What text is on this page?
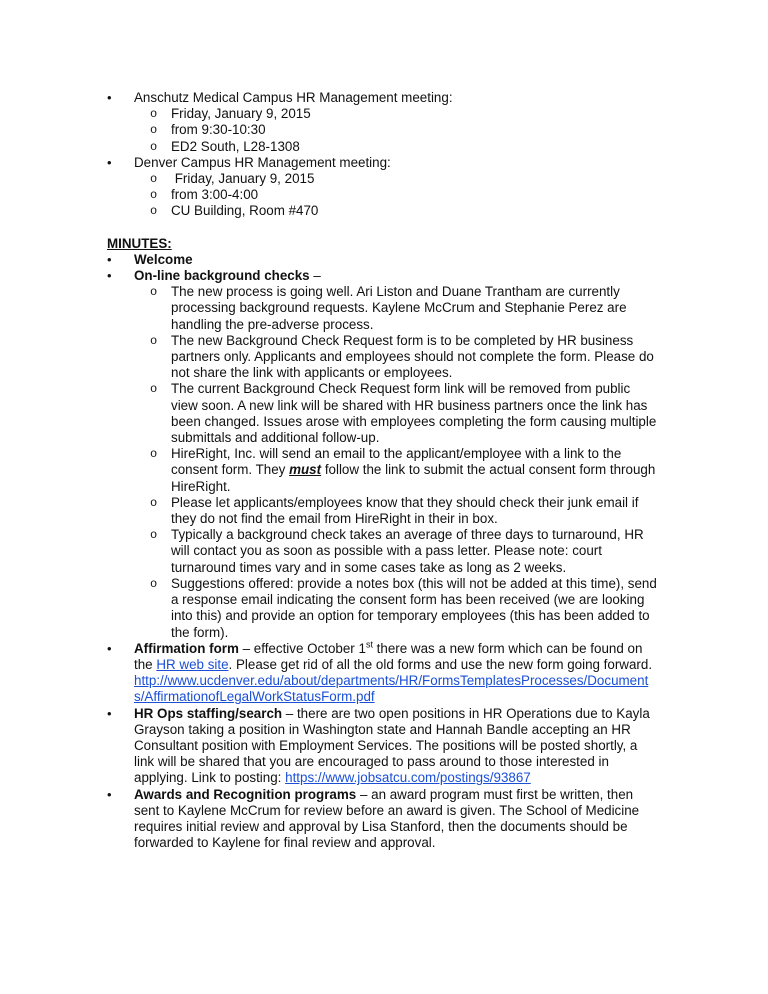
• Anschutz Medical Campus HR Management meeting:
o Friday, January 9, 2015
o from 9:30-10:30
o ED2 South, L28-1308
• Denver Campus HR Management meeting:
o  Friday, January 9, 2015
o from 3:00-4:00
o CU Building, Room #470

MINUTES:

• Welcome
• On-line background checks –
o The new process is going well. Ari Liston and Duane Trantham are currently processing background requests. Kaylene McCrum and Stephanie Perez are handling the pre-adverse process.
o The new Background Check Request form is to be completed by HR business partners only. Applicants and employees should not complete the form. Please do not share the link with applicants or employees.
o The current Background Check Request form link will be removed from public view soon. A new link will be shared with HR business partners once the link has been changed. Issues arose with employees completing the form causing multiple submittals and additional follow-up.
o HireRight, Inc. will send an email to the applicant/employee with a link to the consent form. They must follow the link to submit the actual consent form through HireRight.
o Please let applicants/employees know that they should check their junk email if they do not find the email from HireRight in their in box.
o Typically a background check takes an average of three days to turnaround, HR will contact you as soon as possible with a pass letter. Please note: court turnaround times vary and in some cases take as long as 2 weeks.
o Suggestions offered: provide a notes box (this will not be added at this time), send a response email indicating the consent form has been received (we are looking into this) and provide an option for temporary employees (this has been added to the form).
• Affirmation form – effective October 1st there was a new form which can be found on the HR web site. Please get rid of all the old forms and use the new form going forward. http://www.ucdenver.edu/about/departments/HR/FormsTemplatesProcesses/Documents/AffirmationofLegalWorkStatusForm.pdf
• HR Ops staffing/search – there are two open positions in HR Operations due to Kayla Grayson taking a position in Washington state and Hannah Bandle accepting an HR Consultant position with Employment Services. The positions will be posted shortly, a link will be shared that you are encouraged to pass around to those interested in applying. Link to posting: https://www.jobsatcu.com/postings/93867
• Awards and Recognition programs – an award program must first be written, then sent to Kaylene McCrum for review before an award is given. The School of Medicine requires initial review and approval by Lisa Stanford, then the documents should be forwarded to Kaylene for final review and approval.
